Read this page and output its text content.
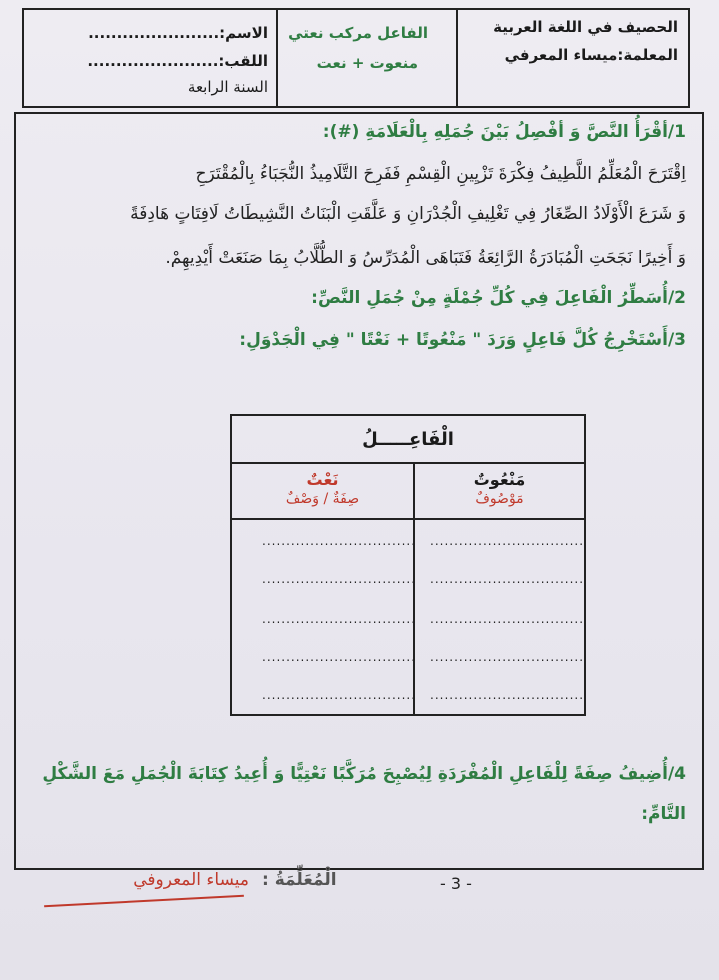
الحصيف في اللغة العربية
المعلمة:ميساء المعرفي
الفاعل مركب نعتي
منعوت + نعت
الاسم:.......................
اللقب:.......................
السنة الرابعة
1/أقْرَأُ النَّصَّ وَ أفْصِلُ بَيْنَ جُمَلِهِ بِالْعَلَامَةِ (#):
اِقْتَرَحَ الْمُعَلِّمُ اللَّطِيفُ فِكْرَةَ تَزْيِينِ الْقِسْمِ فَفَرِحَ التَّلَامِيذُ النُّجَبَاءُ بِالْمُقْتَرَحِ
وَ شَرَعَ الْأَوْلَادُ الصِّغَارُ فِي تَغْلِيفِ الْجُدْرَانِ وَ عَلَّقَتِ الْبَنَاتُ النَّشِيطَاتُ لَافِتَاتٍ هَادِفَةً
وَ أَخِيرًا نَجَحَتِ الْمُبَادَرَةُ الرَّائِعَةُ فَتَبَاهَى الْمُدَرِّسُ وَ الطُّلَّابُ بِمَا صَنَعَتْ أَيْدِيهِمْ.
2/أُسَطِّرُ الْفَاعِلَ فِي كُلِّ جُمْلَةٍ مِنْ جُمَلِ النَّصِّ:
3/أَسْتَخْرِجُ كُلَّ فَاعِلٍ وَرَدَ " مَنْعُوتًا + نَعْتًا " فِي الْجَدْوَلِ:
الْفَاعِـــــلُ
مَنْعُوتٌ
مَوْصُوفٌ
نَعْتٌ
صِفَةٌ / وَصْفٌ
................................
................................
................................
................................
................................
................................
................................
................................
................................
................................
4/أُضِيفُ صِفَةً لِلْفَاعِلِ الْمُفْرَدَةِ لِيُصْبِحَ مُرَكَّبًا نَعْتِيًّا وَ أُعِيدُ كِتَابَةَ الْجُمَلِ مَعَ الشَّكْلِ
التَّامِّ:
الْمُعَلِّمَةُ :
ميساء المعروفي	- 3 -
